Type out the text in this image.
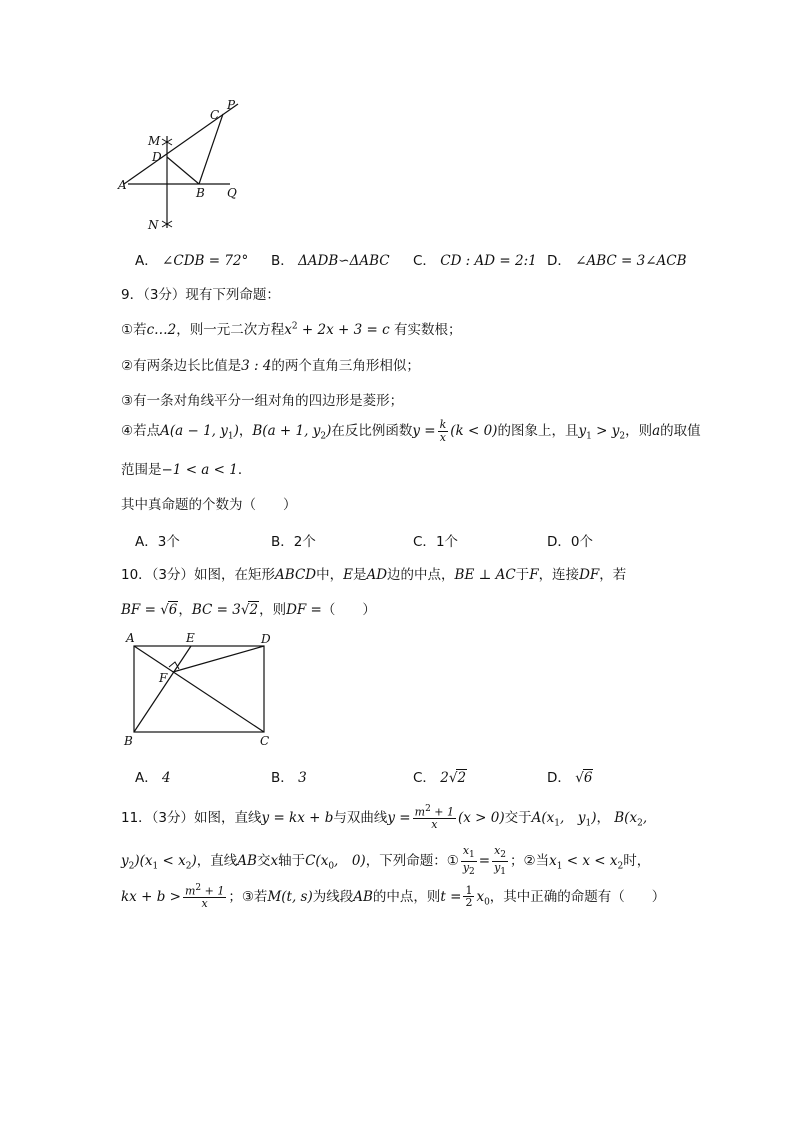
P
C
M
D
A
B Q
N
A． ∠CDB = 72° B． ΔADB∽ΔABC C． CD : AD = 2:1 D． ∠ABC = 3∠ACB
9．（3分）现有下列命题：
①若c…2，则一元二次方程$x^2 + 2x + 3 = c$ 有实数根；
②有两条边长比值是3 : 4的两个直角三角形相似；
③有一条对角线平分一组对角的四边形是菱形；
④若点A(a − 1, $y_1$)，B(a + 1, $y_2$)在反比例函数$y = \frac{k}{x} (k < 0)$的图象上，且$y_1 > y_2$，则a的取值
范围是−1 < a < 1．
其中真命题的个数为（　　）
A．3个	B．2个	C．1个	D．0个
10．（3分）如图，在矩形ABCD中，E是AD边的中点，BE ⊥ AC于F，连接DF，若
BF = √6，BC = 3√2，则DF =（　　）
A	E	D
F
B	C
A． 4	B． 3	C． 2√2	D． √6
11．（3分）如图，直线y = kx + b与双曲线$y = \frac{m^2 + 1}{x} (x > 0)$交于$A(x_1$,　$y_1$)， $B(x_2$,
$y_2)(x_1 < x_2)$，直线AB交x轴于$C(x_0$,　0)，下列命题：① $\frac{x_1}{y_2} = \frac{x_2}{y_1}$ ；②当$x_1 < x < x_2$时，
kx + $b > \frac{m^2 + 1}{x}$ ；③若M(t, s)为线段AB的中点，则$t = \frac{1}{2} x_0$，其中正确的命题有（　　）
